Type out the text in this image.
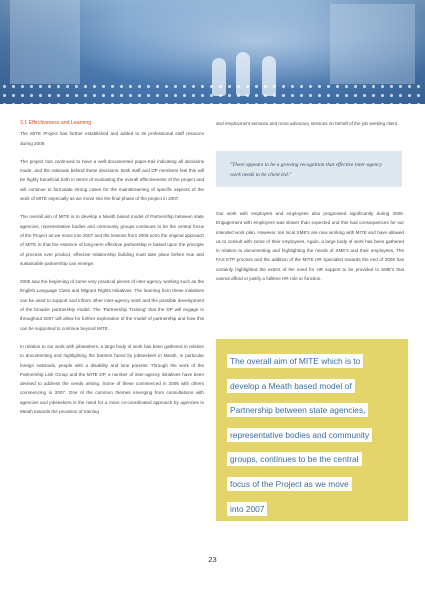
3.1 Effectiveness and Learning

The MITE Project has further established and added to its professional staff resource during 2006.

The project has continued to have a well-documented paper-trail indicating all decisions made, and the rationale behind these decisions. Both staff and DP members feel this will be highly beneficial both in terms of evaluating the overall effectiveness of the project and will continue to formulate strong cases for the mainstreaming of specific aspects of the work of MITE especially as we move into the final phase of the project in 2007.

The overall aim of MITE is to develop a Meath based model of Partnership between state agencies, representative bodies and community groups continues to be the central focus of the Project as we move into 2007 and the lessons from 2006 echo the original approach of MITE in that the essence of long-term effective partnership is based upon the principle of process over product, effective relationship building must take place before true and sustainable partnership can emerge.

2006 saw the beginning of some very practical pieces of inter-agency working such as the English Language Class and Migrant Rights Initiatives. The learning from these initiatives can be used to support and inform other inter-agency work and the possible development of the broader partnership model. The 'Partnership Training' that the DP will engage in throughout 2007 will allow for further exploration of the model of partnership and how this can be supported to continue beyond MITE.

In relation to our work with jobseekers, a large body of work has been gathered in relation to documenting and highlighting the barriers faced by jobseekers in Meath, in particular foreign nationals, people with a disability and lone parents. Through the work of the Partnership Link Group and the MITE DP, a number of inter-agency initiatives have been devised to address the needs arising. Some of these commenced in 2006 with others commencing in 2007. One of the common themes emerging from consultations with agencies and jobseekers is the need for a more co-coordinated approach by agencies in Meath towards the provision of training

and employment services and more advocacy services on behalf of the job seeking client.

"There appears to be a growing recognition that effective inter-agency work needs to be client led."

Our work with employers and employees also progressed significantly during 2006. Engagement with employers was slower than expected and this had consequences for our intended work plan. However, ten local SME's are now working with MITE and have allowed us to consult with some of their employees. Again, a large body of work has been gathered in relation to documenting and highlighting the needs of SME's and their employees. The FAS ETP process and the addition of the MITE HR Specialist towards the end of 2006 has certainly highlighted the extent of the need for HR support to be provided to SME's that cannot afford or justify a fulltime HR role or function.

The overall aim of MITE which is to
develop a Meath based model of
Partnership between state agencies,
representative bodies and community
groups, continues to be the central
focus of the Project as we move
into 2007
23
